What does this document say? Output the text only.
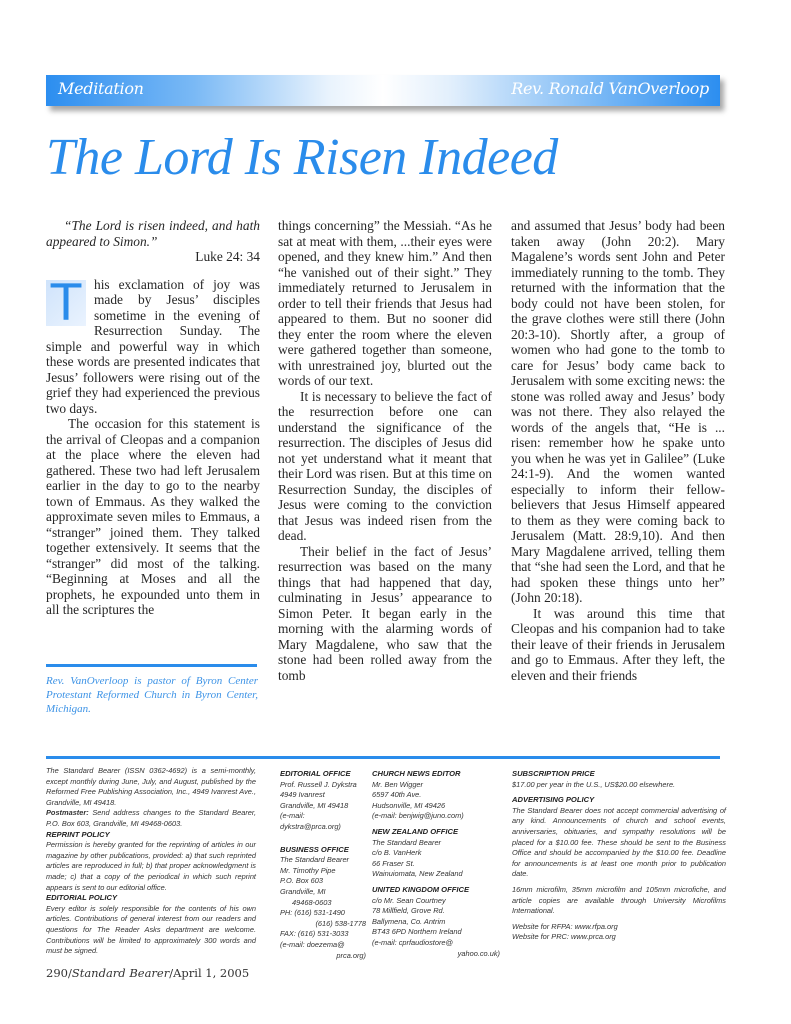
Meditation	Rev. Ronald VanOverloop
The Lord Is Risen Indeed

“The Lord is risen indeed, and hath appeared to Simon.”

Luke 24: 34

T his exclamation of joy was made by Jesus’ disciples sometime in the evening of Resurrection Sunday. The simple and powerful way in which these words are presented indicates that Jesus’ followers were rising out of the grief they had experienced the previous two days.

The occasion for this statement is the arrival of Cleopas and a companion at the place where the eleven had gathered. These two had left Jerusalem earlier in the day to go to the nearby town of Emmaus. As they walked the approximate seven miles to Emmaus, a “stranger” joined them. They talked together extensively. It seems that the “stranger” did most of the talking. “Beginning at Moses and all the prophets, he expounded unto them in all the scriptures the

Rev. VanOverloop is pastor of Byron Center Protestant Reformed Church in Byron Center, Michigan.

things concerning” the Messiah. “As he sat at meat with them, ...their eyes were opened, and they knew him.” And then “he vanished out of their sight.” They immediately returned to Jerusalem in order to tell their friends that Jesus had appeared to them. But no sooner did they enter the room where the eleven were gathered together than someone, with unrestrained joy, blurted out the words of our text.

It is necessary to believe the fact of the resurrection before one can understand the significance of the resurrection. The disciples of Jesus did not yet understand what it meant that their Lord was risen. But at this time on Resurrection Sunday, the disciples of Jesus were coming to the conviction that Jesus was indeed risen from the dead.

Their belief in the fact of Jesus’ resurrection was based on the many things that had happened that day, culminating in Jesus’ appearance to Simon Peter. It began early in the morning with the alarming words of Mary Magdalene, who saw that the stone had been rolled away from the tomb

and assumed that Jesus’ body had been taken away (John 20:2). Mary Magalene’s words sent John and Peter immediately running to the tomb. They returned with the information that the body could not have been stolen, for the grave clothes were still there (John 20:3-10). Shortly after, a group of women who had gone to the tomb to care for Jesus’ body came back to Jerusalem with some exciting news: the stone was rolled away and Jesus’ body was not there. They also relayed the words of the angels that, “He is ... risen: remember how he spake unto you when he was yet in Galilee” (Luke 24:1-9). And the women wanted especially to inform their fellow-believers that Jesus Himself appeared to them as they were coming back to Jerusalem (Matt. 28:9,10). And then Mary Magdalene arrived, telling them that “she had seen the Lord, and that he had spoken these things unto her” (John 20:18).

It was around this time that Cleopas and his companion had to take their leave of their friends in Jerusalem and go to Emmaus. After they left, the eleven and their friends

The Standard Bearer (ISSN 0362-4692) is a semi-monthly, except monthly during June, July, and August, published by the Reformed Free Publishing Association, Inc., 4949 Ivanrest Ave., Grandville, MI 49418.

Postmaster: Send address changes to the Standard Bearer, P.O. Box 603, Grandville, MI 49468-0603.

REPRINT POLICY

Permission is hereby granted for the reprinting of articles in our magazine by other publications, provided: a) that such reprinted articles are reproduced in full; b) that proper acknowledgment is made; c) that a copy of the periodical in which such reprint appears is sent to our editorial office.

EDITORIAL POLICY

Every editor is solely responsible for the contents of his own articles. Contributions of general interest from our readers and questions for The Reader Asks department are welcome. Contributions will be limited to approximately 300 words and must be signed.

EDITORIAL OFFICE

Prof. Russell J. Dykstra

4949 Ivanrest

Grandville, MI 49418

(e-mail:

dykstra@prca.org)

BUSINESS OFFICE

The Standard Bearer

Mr. Timothy Pipe

P.O. Box 603

Grandville, MI

49468-0603

PH: (616) 531-1490

(616) 538-1778

FAX: (616) 531-3033

(e-mail: doezema@

prca.org)

CHURCH NEWS EDITOR

Mr. Ben Wigger

6597 40th Ave.

Hudsonville, MI 49426

(e-mail: benjwig@juno.com)

NEW ZEALAND OFFICE

The Standard Bearer

c/o B. VanHerk

66 Fraser St.

Wainuiomata, New Zealand

UNITED KINGDOM OFFICE

c/o Mr. Sean Courtney

78 Millfield, Grove Rd.

Ballymena, Co. Antrim

BT43 6PD Northern Ireland

(e-mail: cprfaudiostore@

yahoo.co.uk)

SUBSCRIPTION PRICE

$17.00 per year in the U.S., US$20.00 elsewhere.

ADVERTISING POLICY

The Standard Bearer does not accept commercial advertising of any kind. Announcements of church and school events, anniversaries, obituaries, and sympathy resolutions will be placed for a $10.00 fee. These should be sent to the Business Office and should be accompanied by the $10.00 fee. Deadline for announcements is at least one month prior to publication date.

16mm microfilm, 35mm microfilm and 105mm microfiche, and article copies are available through University Microfilms International.

Website for RFPA: www.rfpa.org

Website for PRC: www.prca.org

290/Standard Bearer/April 1, 2005
